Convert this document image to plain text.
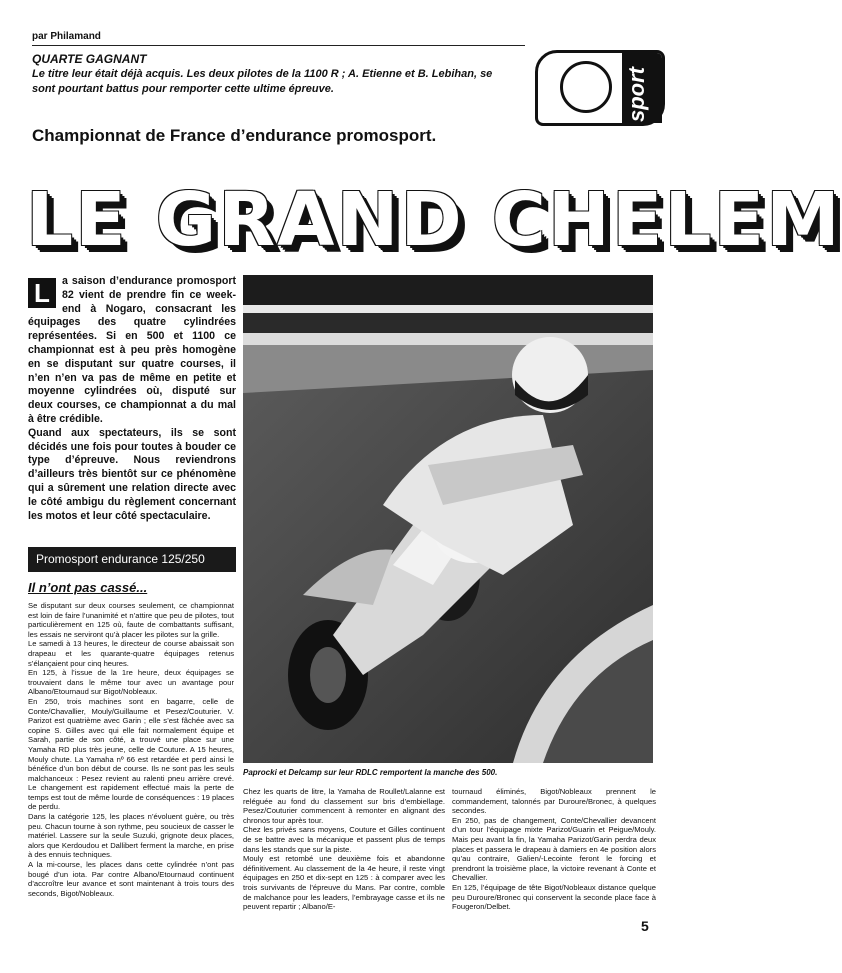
par Philamand
QUARTE GAGNANT
Le titre leur était déjà acquis. Les deux pilotes de la 1100 R ; A. Etienne et B. Lebihan, se sont pourtant battus pour remporter cette ultime épreuve.	sport
Championnat de France d’endurance promosport.
LE GRAND CHELEM
L	a saison d’endurance promosport 82 vient de prendre fin ce week-end à Nogaro, consacrant les équipages des quatre cylindrées représentées. Si en 500 et 1100 ce championnat est à peu près homogène en se disputant sur quatre courses, il n’en n’en va pas de même en petite et moyenne cylindrées où, disputé sur deux courses, ce championnat a du mal à être crédible.

Quand aux spectateurs, ils se sont décidés une fois pour toutes à bouder ce type d’épreuve. Nous reviendrons d’ailleurs très bientôt sur ce phénomène qui a sûrement une relation directe avec le côté ambigu du règlement concernant les motos et leur côté spectaculaire.

Promosport endurance 125/250
Il n’ont pas cassé...

Se disputant sur deux courses seulement, ce championnat est loin de faire l’unanimité et n’attire que peu de pilotes, tout particulièrement en 125 où, faute de combattants suffisant, les essais ne serviront qu’à placer les pilotes sur la grille.

Le samedi à 13 heures, le directeur de course abaissait son drapeau et les quarante-quatre équipages retenus s’élançaient pour cinq heures.

En 125, à l’issue de la 1re heure, deux équipages se trouvaient dans le même tour avec un avantage pour Albano/Etournaud sur Bigot/Nobleaux.

En 250, trois machines sont en bagarre, celle de Conte/Chavallier, Mouly/Guillaume et Pesez/Couturier. V. Parizot est quatrième avec Garin ; elle s’est fâchée avec sa copine S. Gilles avec qui elle fait normalement équipe et Sarah, partie de son côté, a trouvé une place sur une Yamaha RD plus très jeune, celle de Couture. A 15 heures, Mouly chute. La Yamaha nº 66 est retardée et perd ainsi le bénéfice d’un bon début de course. Ils ne sont pas les seuls malchanceux : Pesez revient au ralenti pneu arrière crevé. Le changement est rapidement effectué mais la perte de temps est tout de même lourde de conséquences : 19 places de perdu.

Dans la catégorie 125, les places n’évoluent guère, ou très peu. Chacun tourne à son rythme, peu soucieux de casser le matériel. Lassere sur la seule Suzuki, grignote deux places, alors que Kerdoudou et Dallibert ferment la marche, en prise à des ennuis techniques.

A la mi-course, les places dans cette cylindrée n’ont pas bougé d’un iota. Par contre Albano/Etournaud continuent d’accroître leur avance et sont maintenant à trois tours des seconds, Bigot/Nobleaux.

Paprocki et Delcamp sur leur RDLC remportent la manche des 500.

Chez les quarts de litre, la Yamaha de Roullet/Lalanne est reléguée au fond du classement sur bris d’embiellage. Pesez/Couturier commencent à remonter en alignant des chronos tour après tour.

Chez les privés sans moyens, Couture et Gilles continuent de se battre avec la mécanique et passent plus de temps dans les stands que sur la piste.

Mouly est retombé une deuxième fois et abandonne définitivement. Au classement de la 4e heure, il reste vingt équipages en 250 et dix-sept en 125 : à comparer avec les trois survivants de l’épreuve du Mans. Par contre, comble de malchance pour les leaders, l’embrayage casse et ils ne peuvent repartir ; Albano/E-

tournaud éliminés, Bigot/Nobleaux prennent le commandement, talonnés par Duroure/Bronec, à quelques secondes.

En 250, pas de changement, Conte/Chevallier devancent d’un tour l’équipage mixte Parizot/Guarin et Peigue/Mouly. Mais peu avant la fin, la Yamaha Parizot/Garin perdra deux places et passera le drapeau à damiers en 4e position alors qu’au contraire, Galien/-Lecointe feront le forcing et prendront la troisième place, la victoire revenant à Conte et Chevallier.

En 125, l’équipage de tête Bigot/Nobleaux distance quelque peu Duroure/Bronec qui conservent la seconde place face à Fougeron/Delbet.

5
